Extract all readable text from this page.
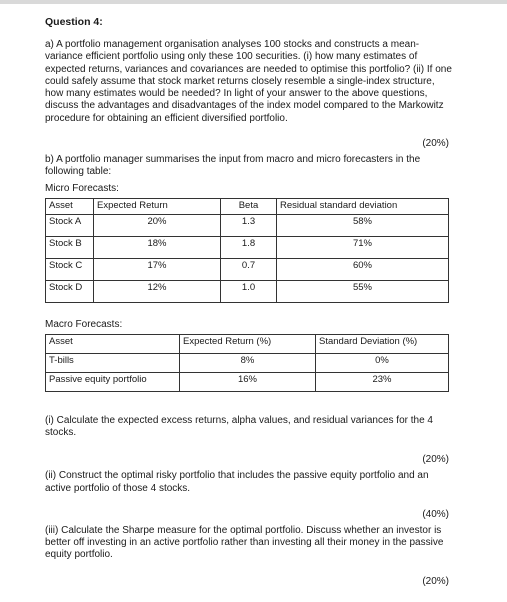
Question 4:
a) A portfolio management organisation analyses 100 stocks and constructs a mean-variance efficient portfolio using only these 100 securities. (i) how many estimates of expected returns, variances and covariances are needed to optimise this portfolio? (ii) If one could safely assume that stock market returns closely resemble a single-index structure, how many estimates would be needed? In light of your answer to the above questions, discuss the advantages and disadvantages of the index model compared to the Markowitz procedure for obtaining an efficient diversified portfolio.
(20%)
b) A portfolio manager summarises the input from macro and micro forecasters in the following table:
Micro Forecasts:
Asset	Expected Return	Beta	Residual standard deviation
Stock A	20%	1.3	58%
Stock B	18%	1.8	71%
Stock C	17%	0.7	60%
Stock D	12%	1.0	55%
Macro Forecasts:
Asset	Expected Return (%)	Standard Deviation (%)
T-bills	8%	0%
Passive equity portfolio	16%	23%
(i) Calculate the expected excess returns, alpha values, and residual variances for the 4 stocks.
(20%)
(ii) Construct the optimal risky portfolio that includes the passive equity portfolio and an active portfolio of those 4 stocks.
(40%)
(iii) Calculate the Sharpe measure for the optimal portfolio. Discuss whether an investor is better off investing in an active portfolio rather than investing all their money in the passive equity portfolio.
(20%)
